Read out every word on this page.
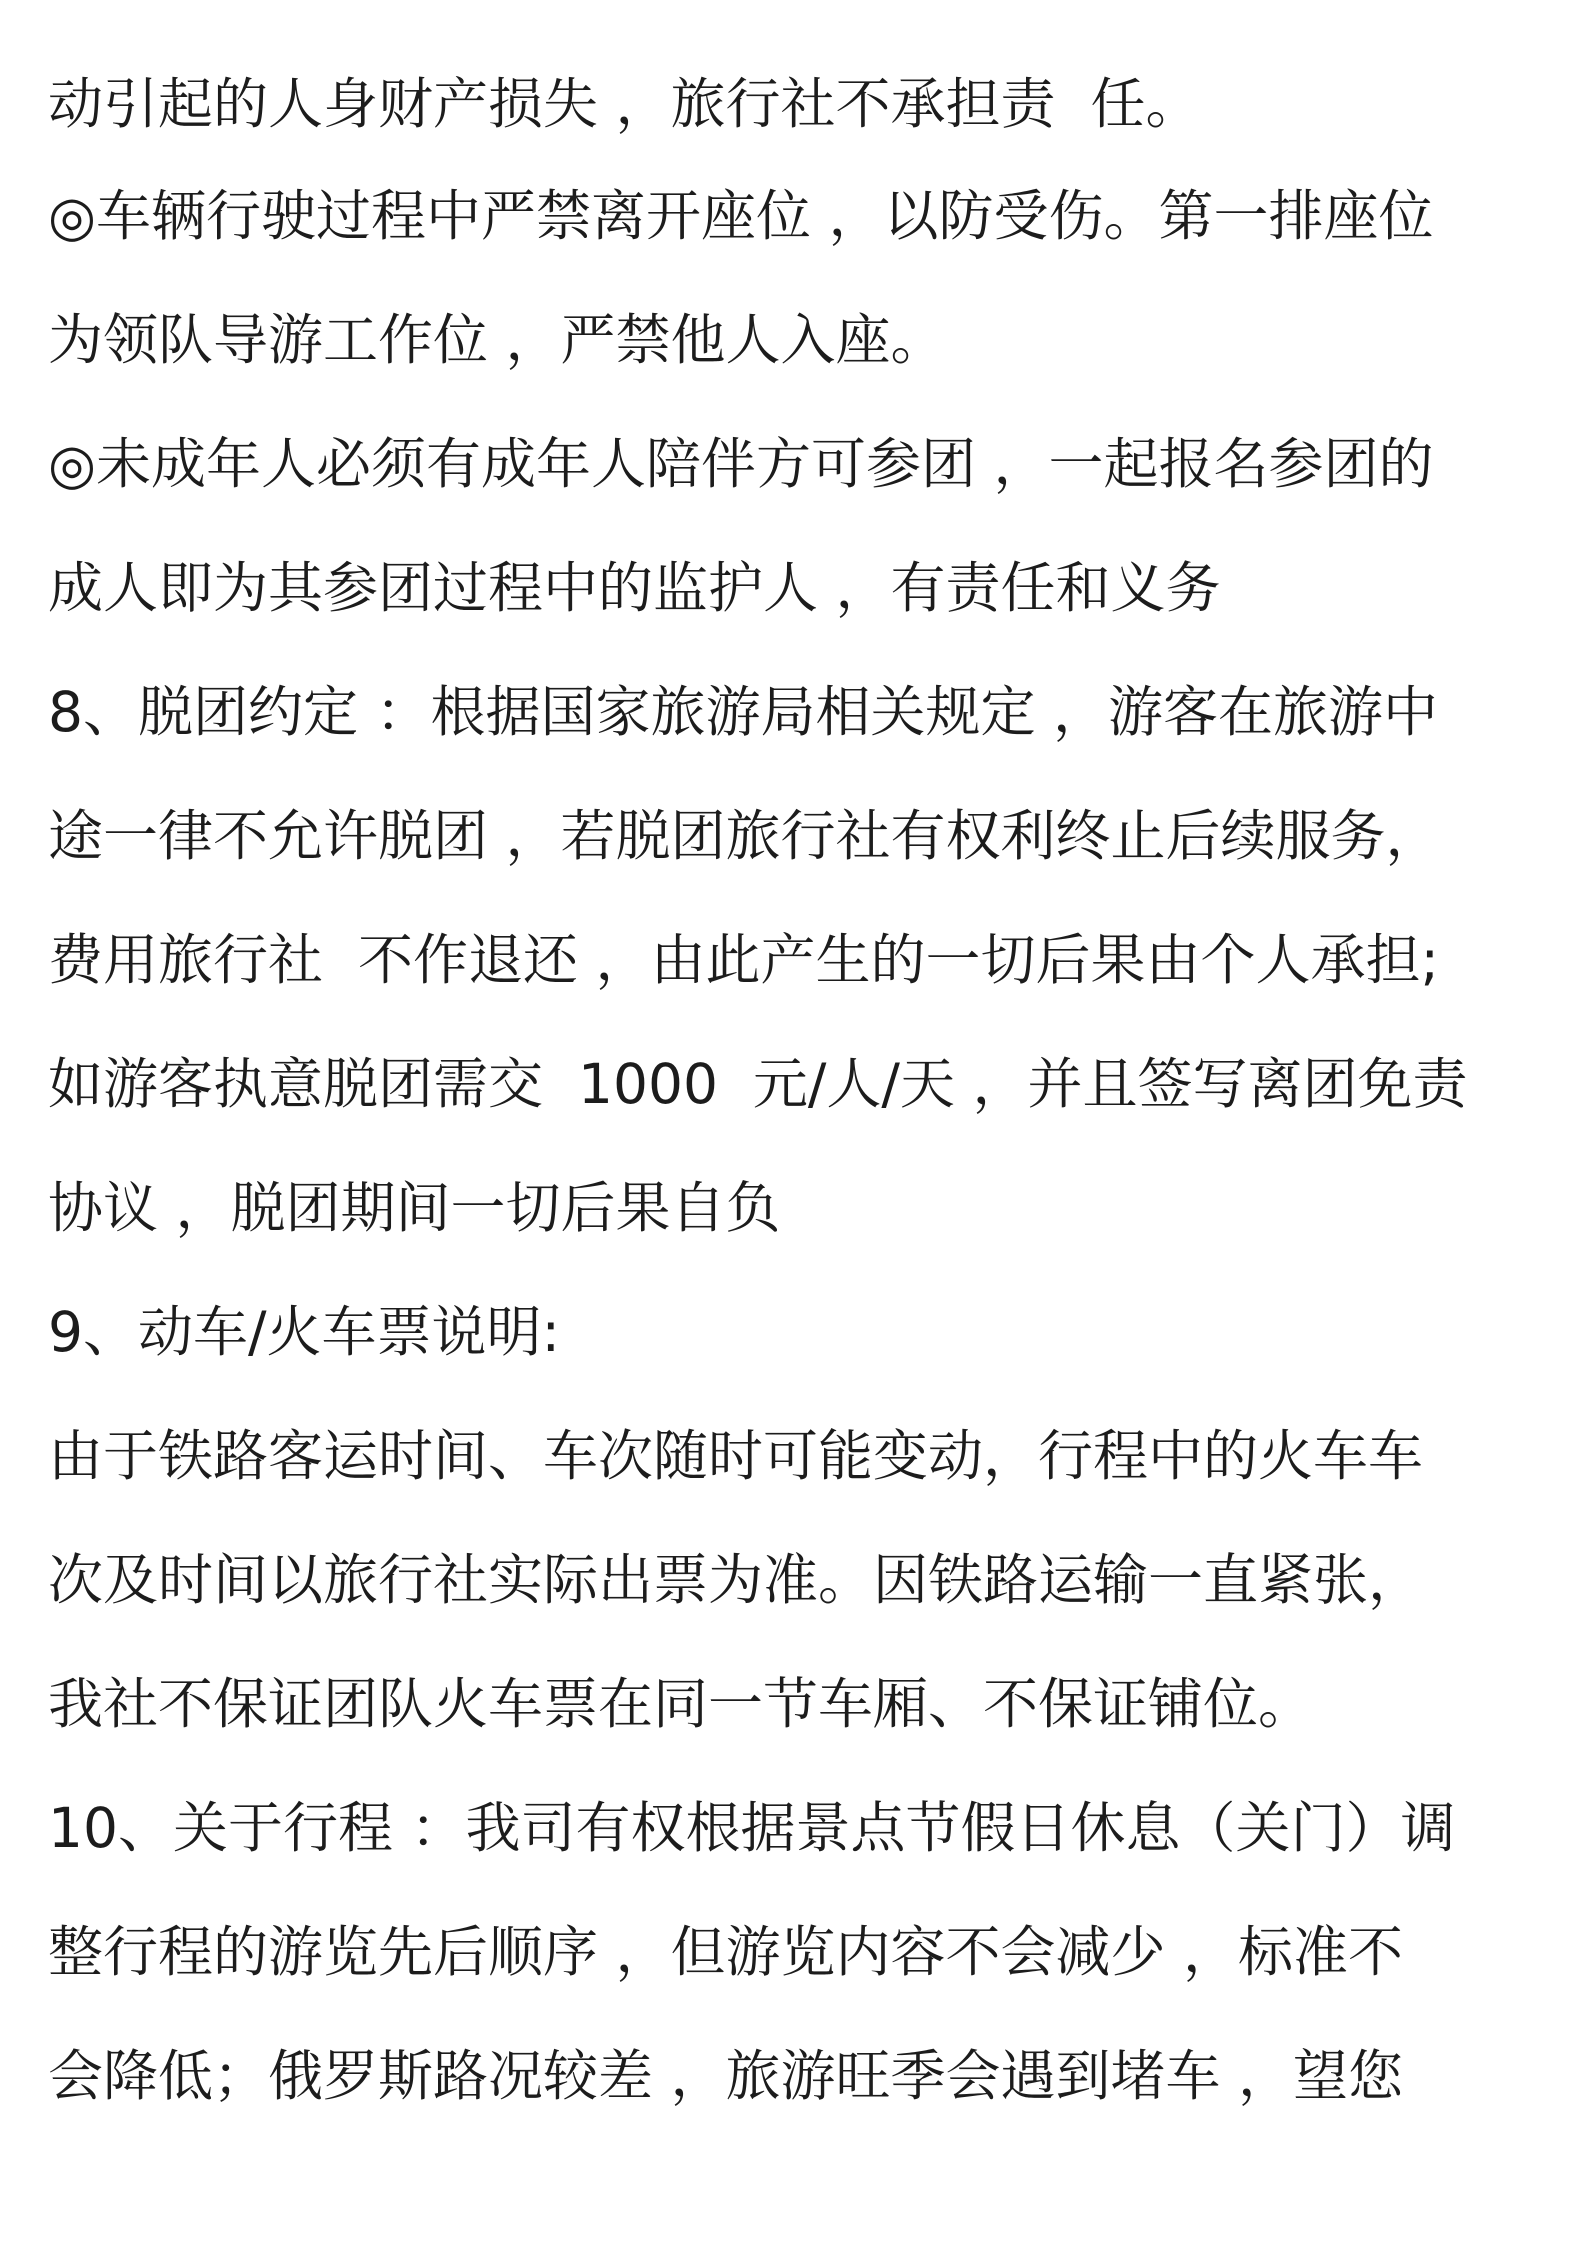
动引起的人身财产损失 ，旅行社不承担责  任。
◎车辆行驶过程中严禁离开座位 ，以防受伤。第一排座位
为领队导游工作位 ，严禁他人入座。
◎未成年人必须有成年人陪伴方可参团 ，一起报名参团的
成人即为其参团过程中的监护人 ，有责任和义务
8、脱团约定 ：根据国家旅游局相关规定 ，游客在旅游中
途一律不允许脱团 ，若脱团旅行社有权利终止后续服务，
费用旅行社  不作退还 ，由此产生的一切后果由个人承担;
如游客执意脱团需交  1000  元/人/天 ，并且签写离团免责
协议 ，脱团期间一切后果自负
9、动车/火车票说明:
由于铁路客运时间、车次随时可能变动，行程中的火车车
次及时间以旅行社实际出票为准。因铁路运输一直紧张，
我社不保证团队火车票在同一节车厢、不保证铺位。
10、关于行程 ：我司有权根据景点节假日休息（关门）调
整行程的游览先后顺序 ，但游览内容不会减少 ，标准不
会降低；俄罗斯路况较差 ，旅游旺季会遇到堵车 ，望您
